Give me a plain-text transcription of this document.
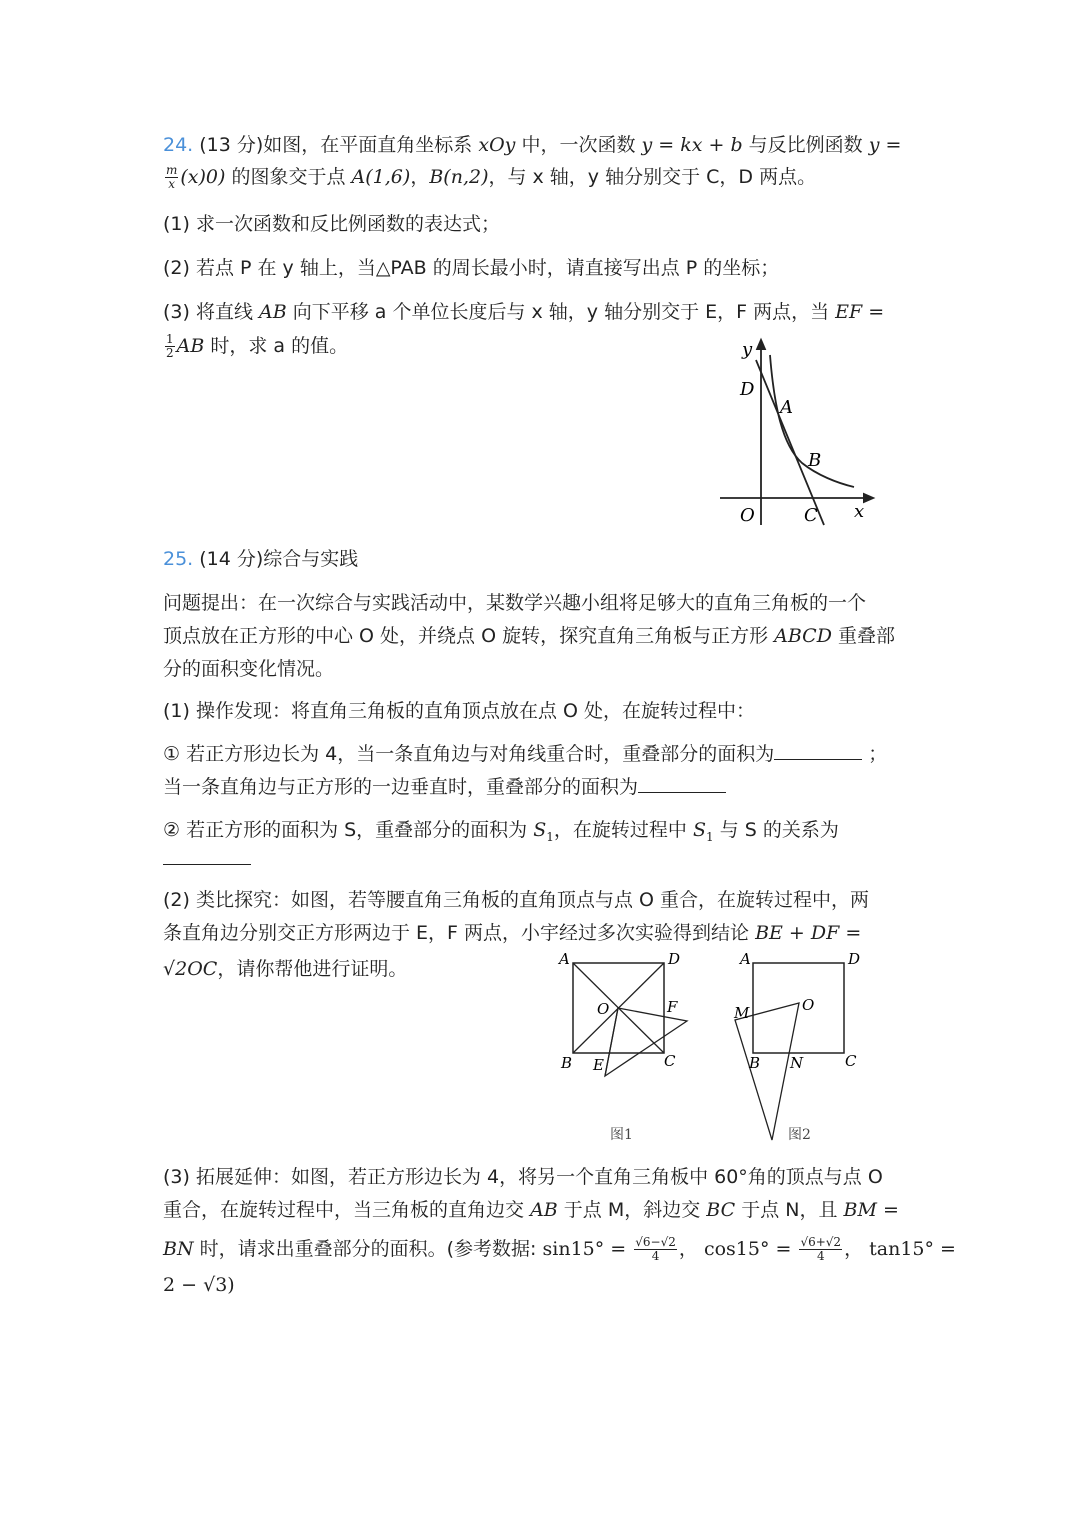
24. (13 分)如图，在平面直角坐标系 xOy 中，一次函数 y = kx + b 与反比例函数 y =
$\frac{m}{x} (x)0$) 的图象交于点 A(1,6)，B(n,2)，与 x 轴，y 轴分别交于 C，D 两点。
(1) 求一次函数和反比例函数的表达式；
(2) 若点 P 在 y 轴上，当△PAB 的周长最小时，请直接写出点 P 的坐标；
(3) 将直线 AB 向下平移 a 个单位长度后与 x 轴，y 轴分别交于 E，F 两点，当 EF =
$\frac{1}{2}$ AB 时，求 a 的值。	y
D
A
B
O	C x
25. (14 分)综合与实践
问题提出：在一次综合与实践活动中，某数学兴趣小组将足够大的直角三角板的一个
顶点放在正方形的中心 O 处，并绕点 O 旋转，探究直角三角板与正方形 ABCD 重叠部
分的面积变化情况。
(1) 操作发现：将直角三角板的直角顶点放在点 O 处，在旋转过程中：
① 若正方形边长为 4，当一条直角边与对角线重合时，重叠部分的面积为	；
当一条直角边与正方形的一边垂直时，重叠部分的面积为
② 若正方形的面积为 S，重叠部分的面积为 $S_1$，在旋转过程中 $S_1$ 与 S 的关系为
(2) 类比探究：如图，若等腰直角三角板的直角顶点与点 O 重合，在旋转过程中，两
条直角边分别交正方形两边于 E，F 两点，小宇经过多次实验得到结论 BE + DF =
√2OC，请你帮他进行证明。	A	D
O	F
B E	C
图1
A	D
O
M
B N	C
图2
(3) 拓展延伸：如图，若正方形边长为 4，将另一个直角三角板中 60°角的顶点与点 O
重合，在旋转过程中，当三角板的直角边交 AB 于点 M，斜边交 BC 于点 N，且 BM =
BN 时，请求出重叠部分的面积。(参考数据: $\sin 15^\circ = \frac{√6-√2}{4}$ ， $\cos 15^\circ = \frac{√6+√2}{4}$ ， tan15° =
2 − √3)
